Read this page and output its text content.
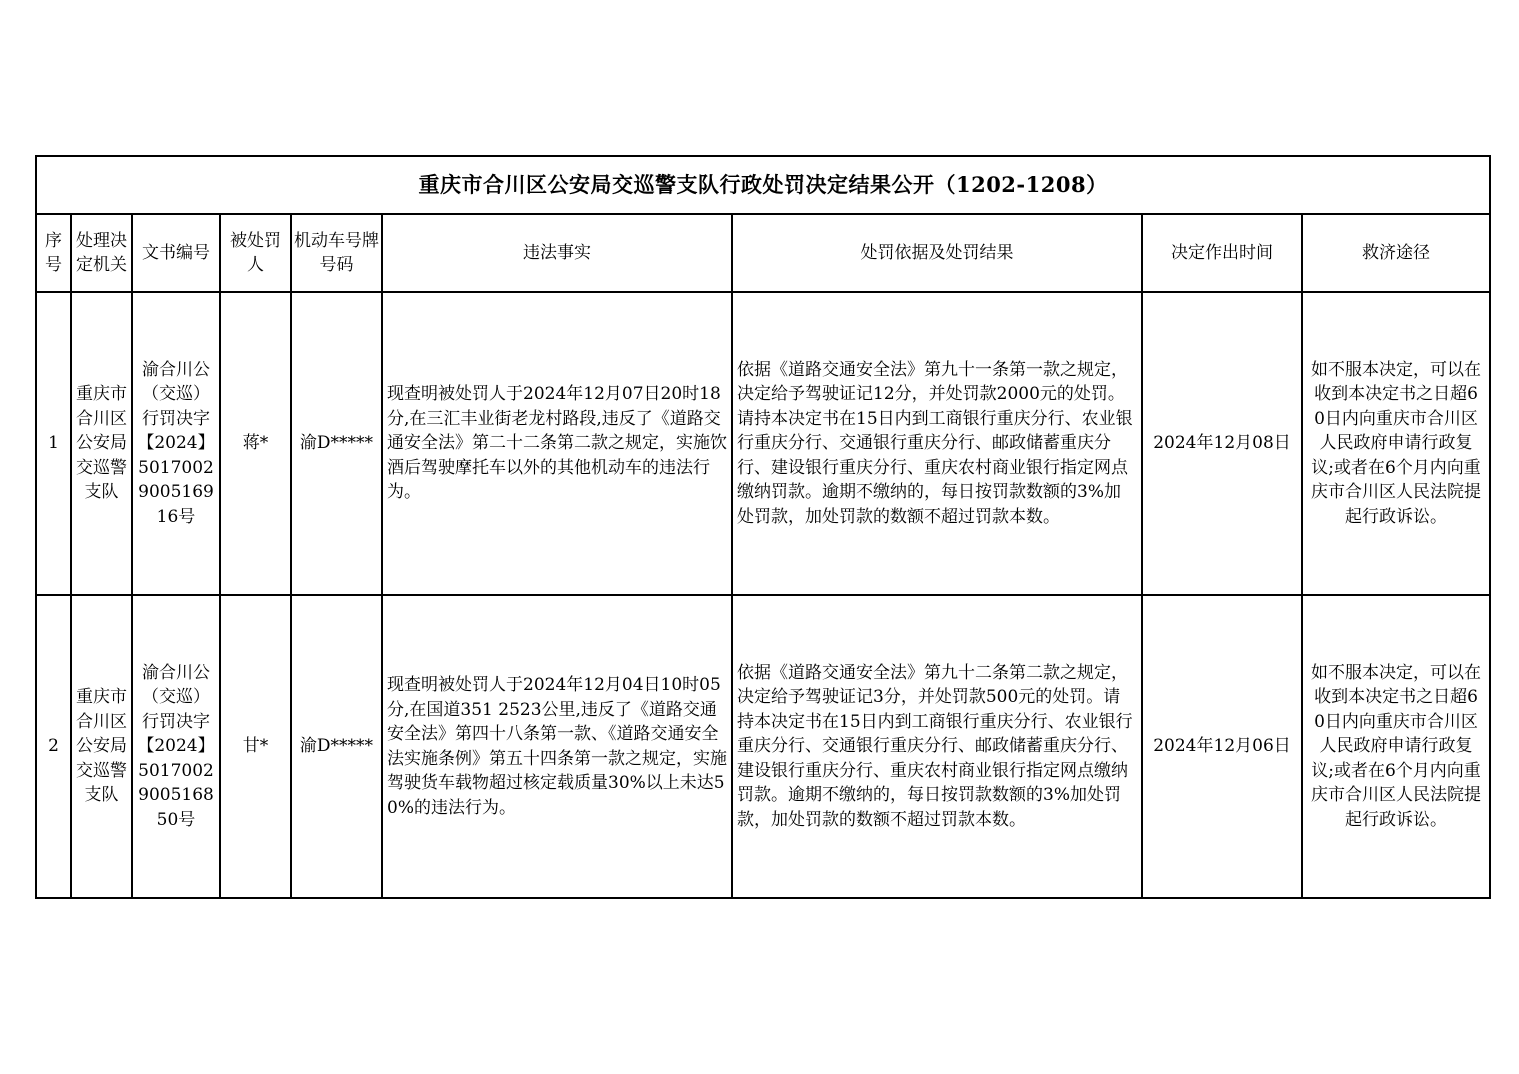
重庆市合川区公安局交巡警支队行政处罚决定结果公开（1202-1208）								
序号	处理决定机关	文书编号	被处罚人	机动车号牌号码	违法事实	处罚依据及处罚结果	决定作出时间	救济途径
1	重庆市合川区公安局交巡警支队	渝合川公（交巡）行罚决字【2024】5017002900516916号	蒋*	渝D*****	现查明被处罚人于2024年12月07日20时18分,在三汇丰业街老龙村路段,违反了《道路交通安全法》第二十二条第二款之规定，实施饮酒后驾驶摩托车以外的其他机动车的违法行为。	依据《道路交通安全法》第九十一条第一款之规定，决定给予驾驶证记12分，并处罚款2000元的处罚。请持本决定书在15日内到工商银行重庆分行、农业银行重庆分行、交通银行重庆分行、邮政储蓄重庆分行、建设银行重庆分行、重庆农村商业银行指定网点缴纳罚款。逾期不缴纳的，每日按罚款数额的3%加处罚款，加处罚款的数额不超过罚款本数。	2024年12月08日	如不服本决定，可以在收到本决定书之日超60日内向重庆市合川区人民政府申请行政复议;或者在6个月内向重庆市合川区人民法院提起行政诉讼。
2	重庆市合川区公安局交巡警支队	渝合川公（交巡）行罚决字【2024】5017002900516850号	甘*	渝D*****	现查明被处罚人于2024年12月04日10时05分,在国道351 2523公里,违反了《道路交通安全法》第四十八条第一款、《道路交通安全法实施条例》第五十四条第一款之规定，实施驾驶货车载物超过核定载质量30%以上未达50%的违法行为。	依据《道路交通安全法》第九十二条第二款之规定，决定给予驾驶证记3分，并处罚款500元的处罚。请持本决定书在15日内到工商银行重庆分行、农业银行重庆分行、交通银行重庆分行、邮政储蓄重庆分行、建设银行重庆分行、重庆农村商业银行指定网点缴纳罚款。逾期不缴纳的，每日按罚款数额的3%加处罚款，加处罚款的数额不超过罚款本数。	2024年12月06日	如不服本决定，可以在收到本决定书之日超60日内向重庆市合川区人民政府申请行政复议;或者在6个月内向重庆市合川区人民法院提起行政诉讼。
